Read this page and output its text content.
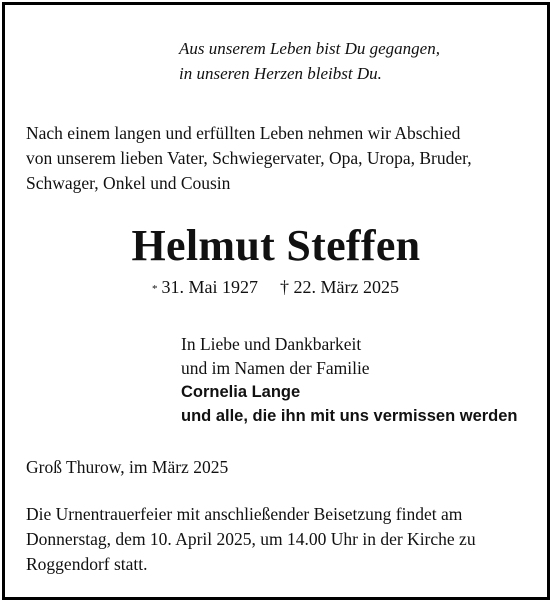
Aus unserem Leben bist Du gegangen,
in unseren Herzen bleibst Du.
Nach einem langen und erfüllten Leben nehmen wir Abschied
von unserem lieben Vater, Schwiegervater, Opa, Uropa, Bruder,
Schwager, Onkel und Cousin
Helmut Steffen
* 31. Mai 1927 † 22. März 2025
In Liebe und Dankbarkeit
und im Namen der Familie
Cornelia Lange
und alle, die ihn mit uns vermissen werden
Groß Thurow, im März 2025
Die Urnentrauerfeier mit anschließender Beisetzung findet am
Donnerstag, dem 10. April 2025, um 14.00 Uhr in der Kirche zu
Roggendorf statt.
